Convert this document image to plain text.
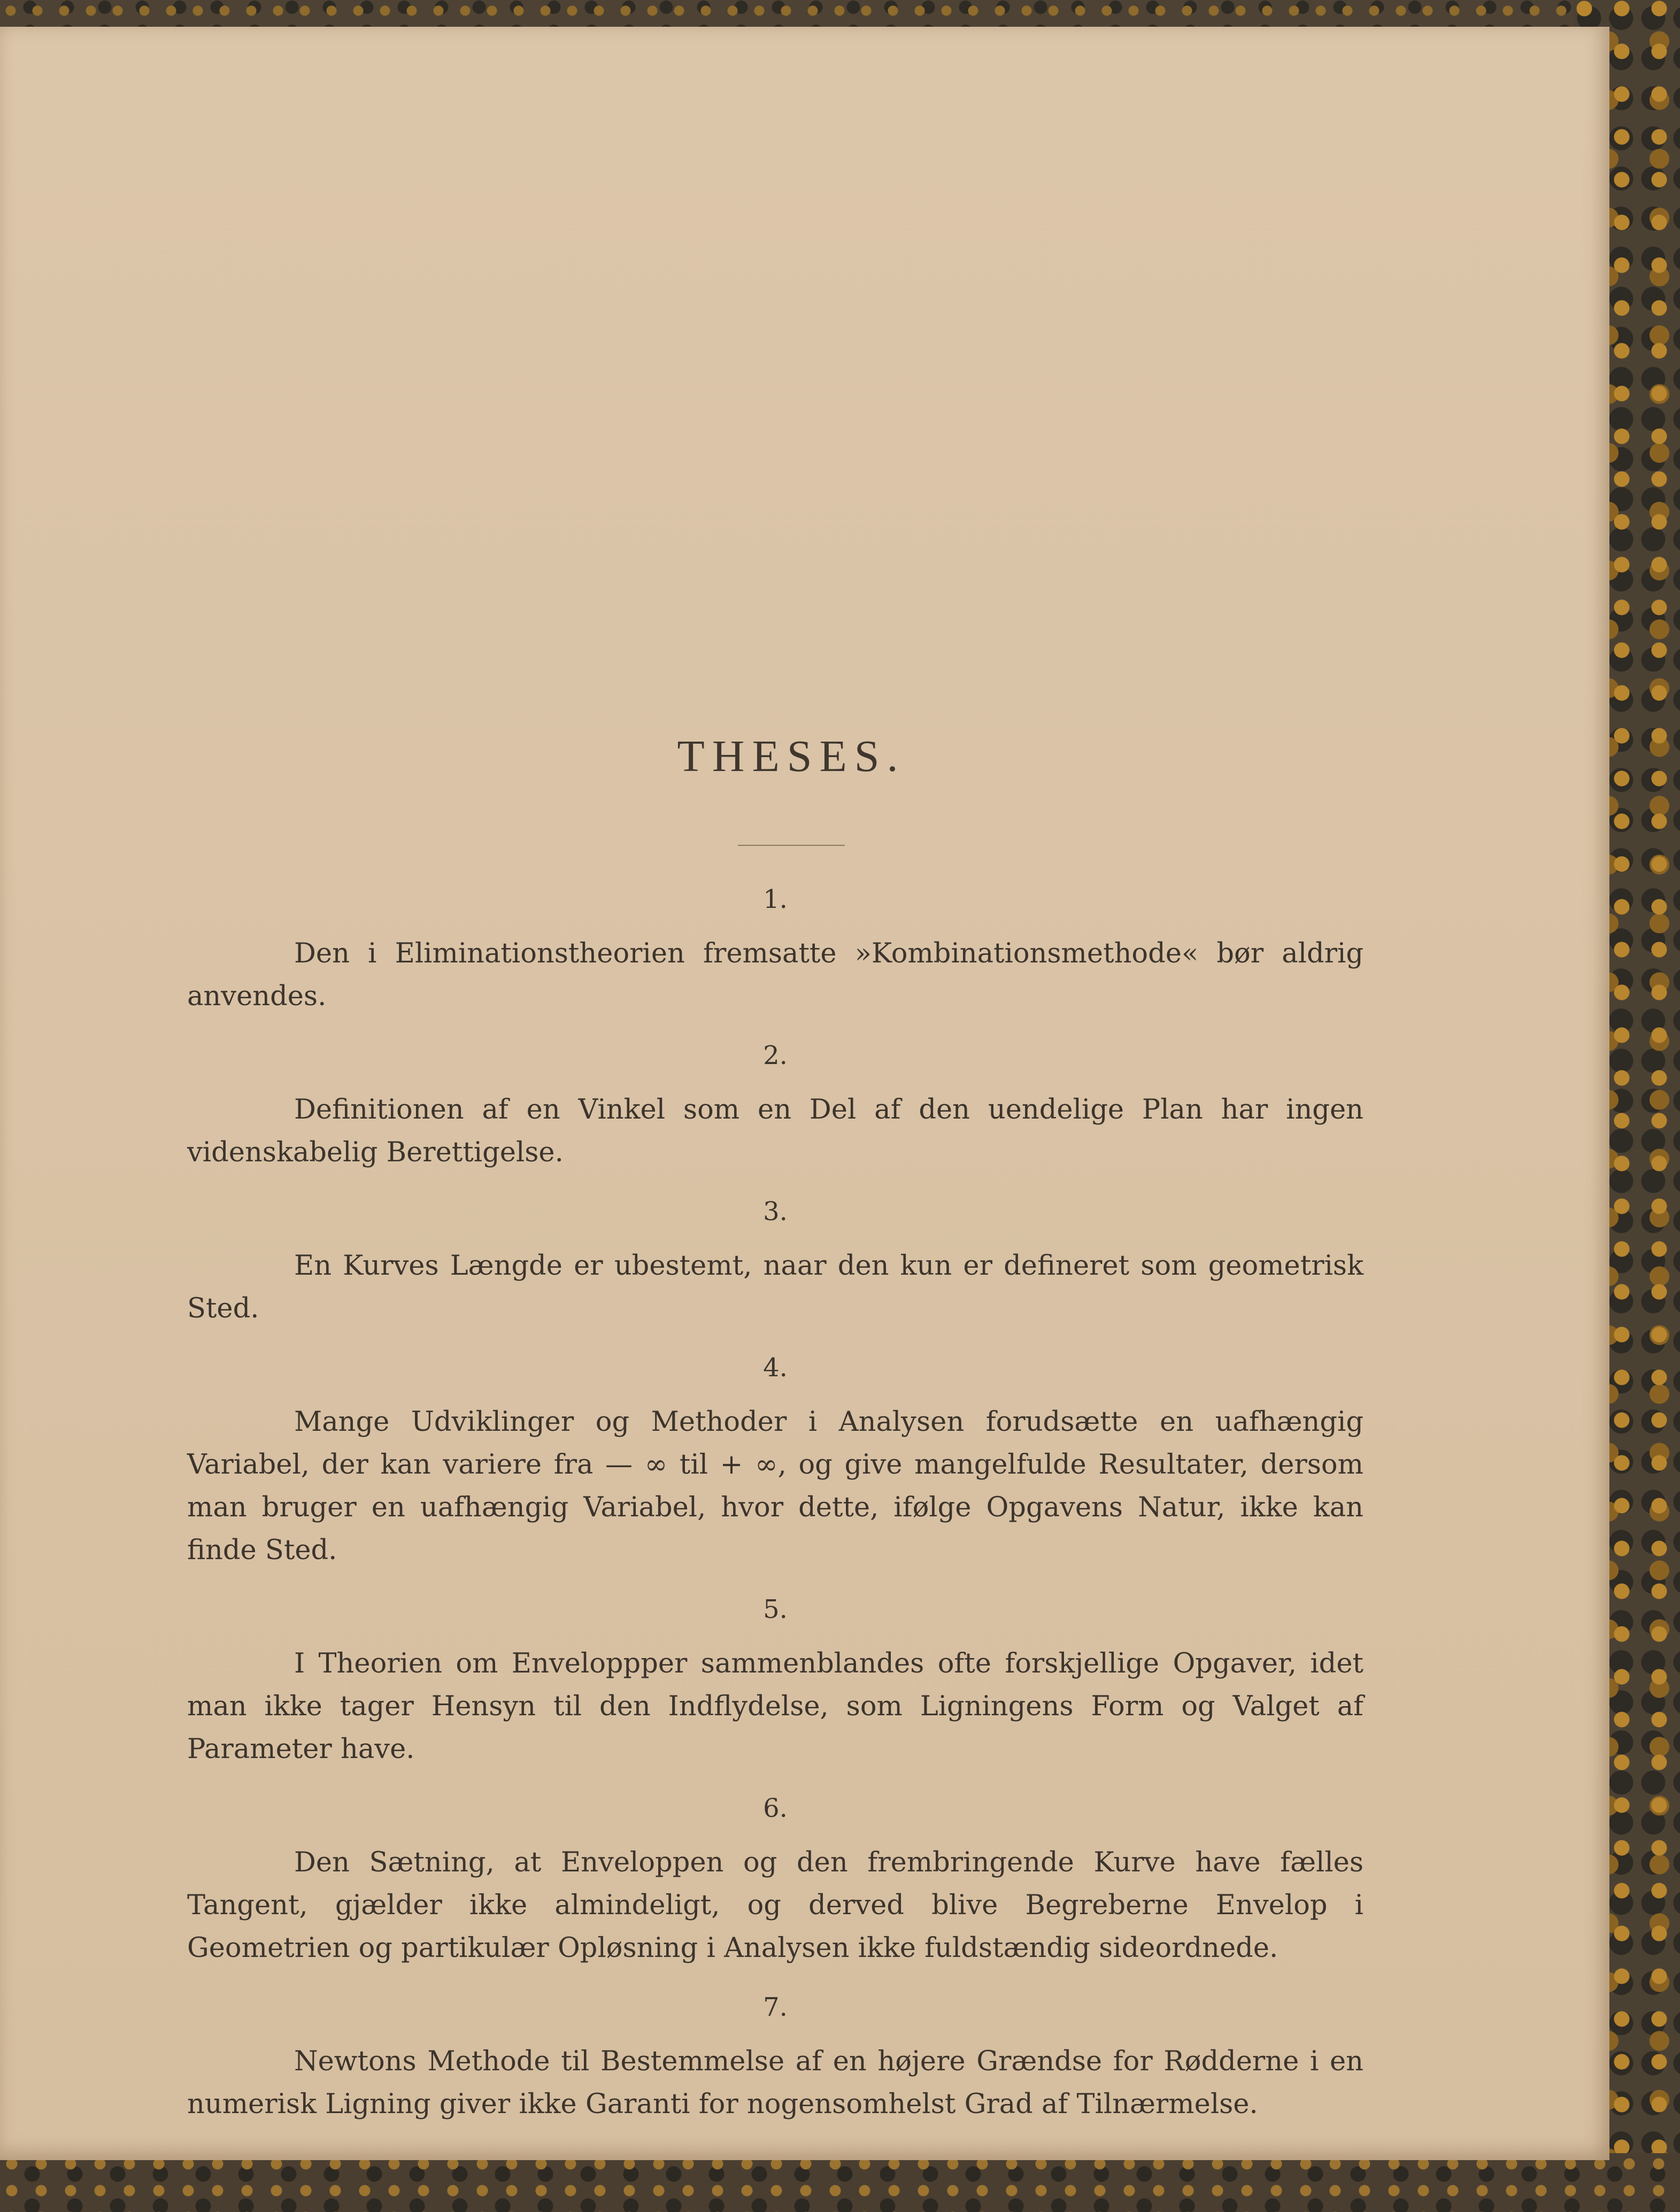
THESES.

1.

Den i Eliminationstheorien fremsatte »Kombinationsmethode« bør aldrig anvendes.

2.

Definitionen af en Vinkel som en Del af den uendelige Plan har ingen videnskabelig Berettigelse.

3.

En Kurves Længde er ubestemt, naar den kun er defineret som geometrisk Sted.

4.

Mange Udviklinger og Methoder i Analysen forudsætte en uafhængig Variabel, der kan variere fra — ∞ til + ∞, og give mangelfulde Resultater, dersom man bruger en uafhængig Variabel, hvor dette, ifølge Opgavens Natur, ikke kan finde Sted.

5.

I Theorien om Enveloppper sammenblandes ofte forskjellige Opgaver, idet man ikke tager Hensyn til den Indflydelse, som Ligningens Form og Valget af Parameter have.

6.

Den Sætning, at Enveloppen og den frembringende Kurve have fælles Tangent, gjælder ikke almindeligt, og derved blive Begreberne Envelop i Geometrien og partikulær Opløsning i Analysen ikke fuldstændig sideordnede.

7.

Newtons Methode til Bestemmelse af en højere Grændse for Rødderne i en numerisk Ligning giver ikke Garanti for nogensomhelst Grad af Tilnærmelse.
